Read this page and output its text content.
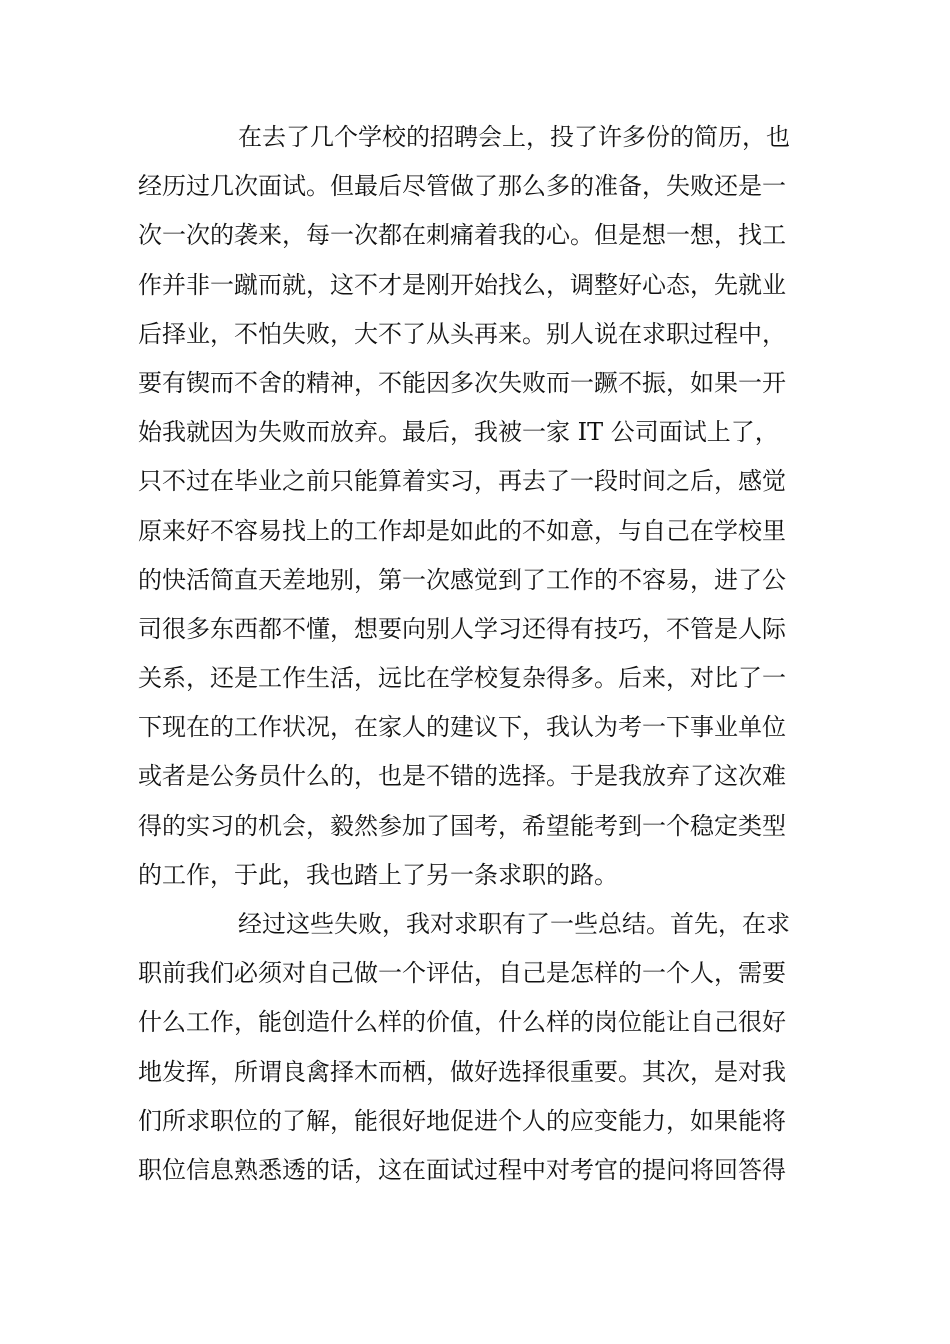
在去了几个学校的招聘会上，投了许多份的简历，也
经历过几次面试。但最后尽管做了那么多的准备，失败还是一
次一次的袭来，每一次都在刺痛着我的心。但是想一想，找工
作并非一蹴而就，这不才是刚开始找么，调整好心态，先就业
后择业，不怕失败，大不了从头再来。别人说在求职过程中，
要有锲而不舍的精神，不能因多次失败而一蹶不振，如果一开
始我就因为失败而放弃。最后，我被一家 IT 公司面试上了，
只不过在毕业之前只能算着实习，再去了一段时间之后，感觉
原来好不容易找上的工作却是如此的不如意，与自己在学校里
的快活简直天差地别，第一次感觉到了工作的不容易，进了公
司很多东西都不懂，想要向别人学习还得有技巧，不管是人际
关系，还是工作生活，远比在学校复杂得多。后来，对比了一
下现在的工作状况，在家人的建议下，我认为考一下事业单位
或者是公务员什么的，也是不错的选择。于是我放弃了这次难
得的实习的机会，毅然参加了国考，希望能考到一个稳定类型
的工作，于此，我也踏上了另一条求职的路。
经过这些失败，我对求职有了一些总结。首先，在求
职前我们必须对自己做一个评估，自己是怎样的一个人，需要
什么工作，能创造什么样的价值，什么样的岗位能让自己很好
地发挥，所谓良禽择木而栖，做好选择很重要。其次，是对我
们所求职位的了解，能很好地促进个人的应变能力，如果能将
职位信息熟悉透的话，这在面试过程中对考官的提问将回答得
